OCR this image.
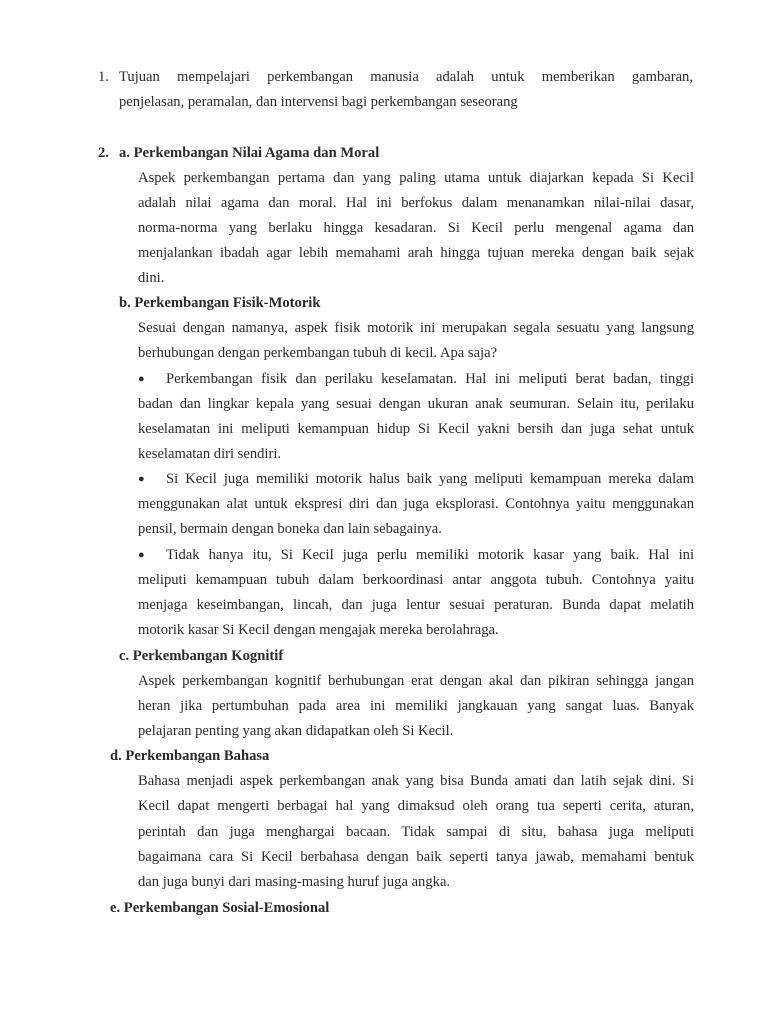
1. Tujuan mempelajari perkembangan manusia adalah untuk memberikan gambaran,
penjelasan, peramalan, dan intervensi bagi perkembangan seseorang
2. a. Perkembangan Nilai Agama dan Moral
Aspek perkembangan pertama dan yang paling utama untuk diajarkan kepada Si Kecil
adalah nilai agama dan moral. Hal ini berfokus dalam menanamkan nilai-nilai dasar,
norma-norma yang berlaku hingga kesadaran. Si Kecil perlu mengenal agama dan
menjalankan ibadah agar lebih memahami arah hingga tujuan mereka dengan baik sejak
dini.
b. Perkembangan Fisik-Motorik
Sesuai dengan namanya, aspek fisik motorik ini merupakan segala sesuatu yang langsung
berhubungan dengan perkembangan tubuh di kecil. Apa saja?
● Perkembangan fisik dan perilaku keselamatan. Hal ini meliputi berat badan, tinggi
badan dan lingkar kepala yang sesuai dengan ukuran anak seumuran. Selain itu, perilaku
keselamatan ini meliputi kemampuan hidup Si Kecil yakni bersih dan juga sehat untuk
keselamatan diri sendiri.
● Si Kecil juga memiliki motorik halus baik yang meliputi kemampuan mereka dalam
menggunakan alat untuk ekspresi diri dan juga eksplorasi. Contohnya yaitu menggunakan
pensil, bermain dengan boneka dan lain sebagainya.
● Tidak hanya itu, Si Kecil juga perlu memiliki motorik kasar yang baik. Hal ini
meliputi kemampuan tubuh dalam berkoordinasi antar anggota tubuh. Contohnya yaitu
menjaga keseimbangan, lincah, dan juga lentur sesuai peraturan. Bunda dapat melatih
motorik kasar Si Kecil dengan mengajak mereka berolahraga.
c. Perkembangan Kognitif
Aspek perkembangan kognitif berhubungan erat dengan akal dan pikiran sehingga jangan
heran jika pertumbuhan pada area ini memiliki jangkauan yang sangat luas. Banyak
pelajaran penting yang akan didapatkan oleh Si Kecil.
d. Perkembangan Bahasa
Bahasa menjadi aspek perkembangan anak yang bisa Bunda amati dan latih sejak dini. Si
Kecil dapat mengerti berbagai hal yang dimaksud oleh orang tua seperti cerita, aturan,
perintah dan juga menghargai bacaan. Tidak sampai di situ, bahasa juga meliputi
bagaimana cara Si Kecil berbahasa dengan baik seperti tanya jawab, memahami bentuk
dan juga bunyi dari masing-masing huruf juga angka.
e. Perkembangan Sosial-Emosional
